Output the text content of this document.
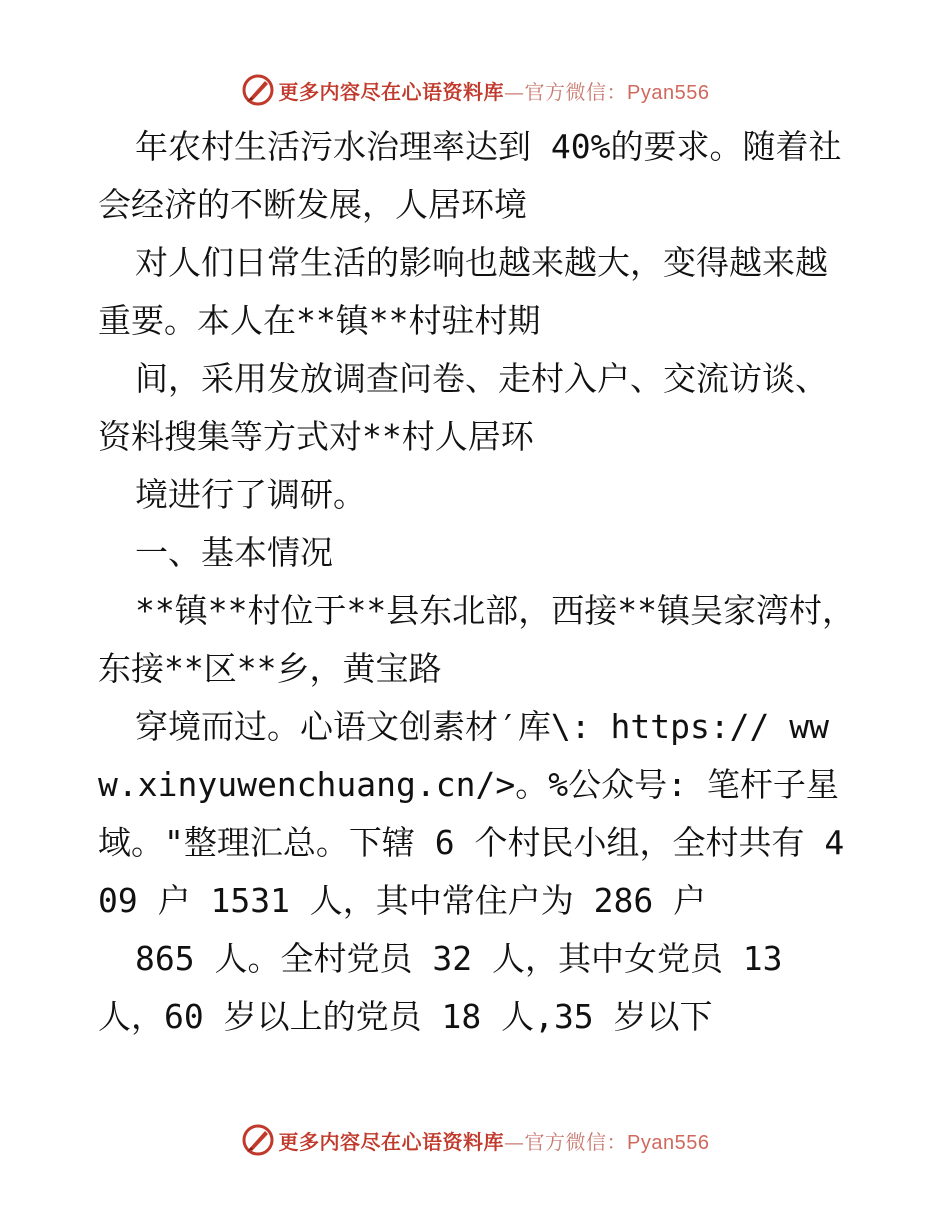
更多内容尽在心语资料库—官方微信：Pyan556

年农村生活污水治理率达到 40%的要求。随着社会经济的不断发展，人居环境

对人们日常生活的影响也越来越大，变得越来越重要。本人在**镇**村驻村期

间，采用发放调查问卷、走村入户、交流访谈、资料搜集等方式对**村人居环

境进行了调研。

一、基本情况

**镇**村位于**县东北部，西接**镇吴家湾村，东接**区**乡，黄宝路

穿境而过。心语文创素材′库\: https:// www.xinyuwenchuang.cn/>。%公众号: 笔杆子星域。"整理汇总。下辖 6 个村民小组，全村共有 409 户 1531 人，其中常住户为 286 户

865 人。全村党员 32 人，其中女党员 13 人，60 岁以上的党员 18 人,35 岁以下

更多内容尽在心语资料库—官方微信：Pyan556
